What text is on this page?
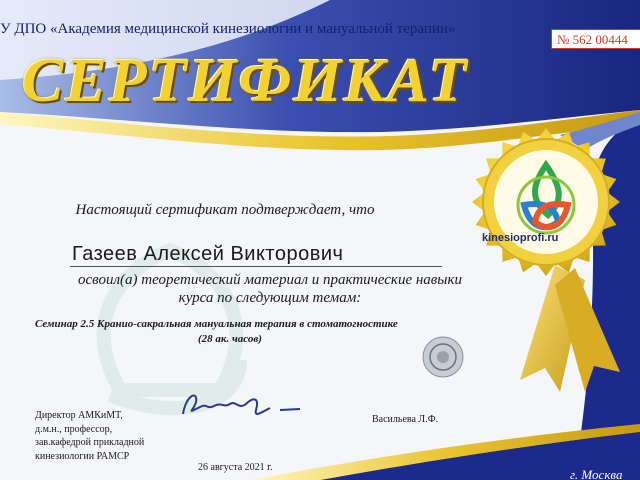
У ДПО «Академия медицинской кинезиологии и мануальной терапии»
№ 562 00444
СЕРТИФИКАТ
kinesioprofi.ru
Настоящий сертификат подтверждает, что
Газеев Алексей Викторович
освоил(а) теоретический материал и практические навыки
курса по следующим темам:
Семинар 2.5 Кранио-сакральная мануальная терапия в стоматогностике
(28 ак. часов)
Директор АМКиМТ,
д.м.н., профессор,
зав.кафедрой прикладной
кинезиологии РАМСР
Васильева Л.Ф.
26 августа 2021 г.	г. Москва
